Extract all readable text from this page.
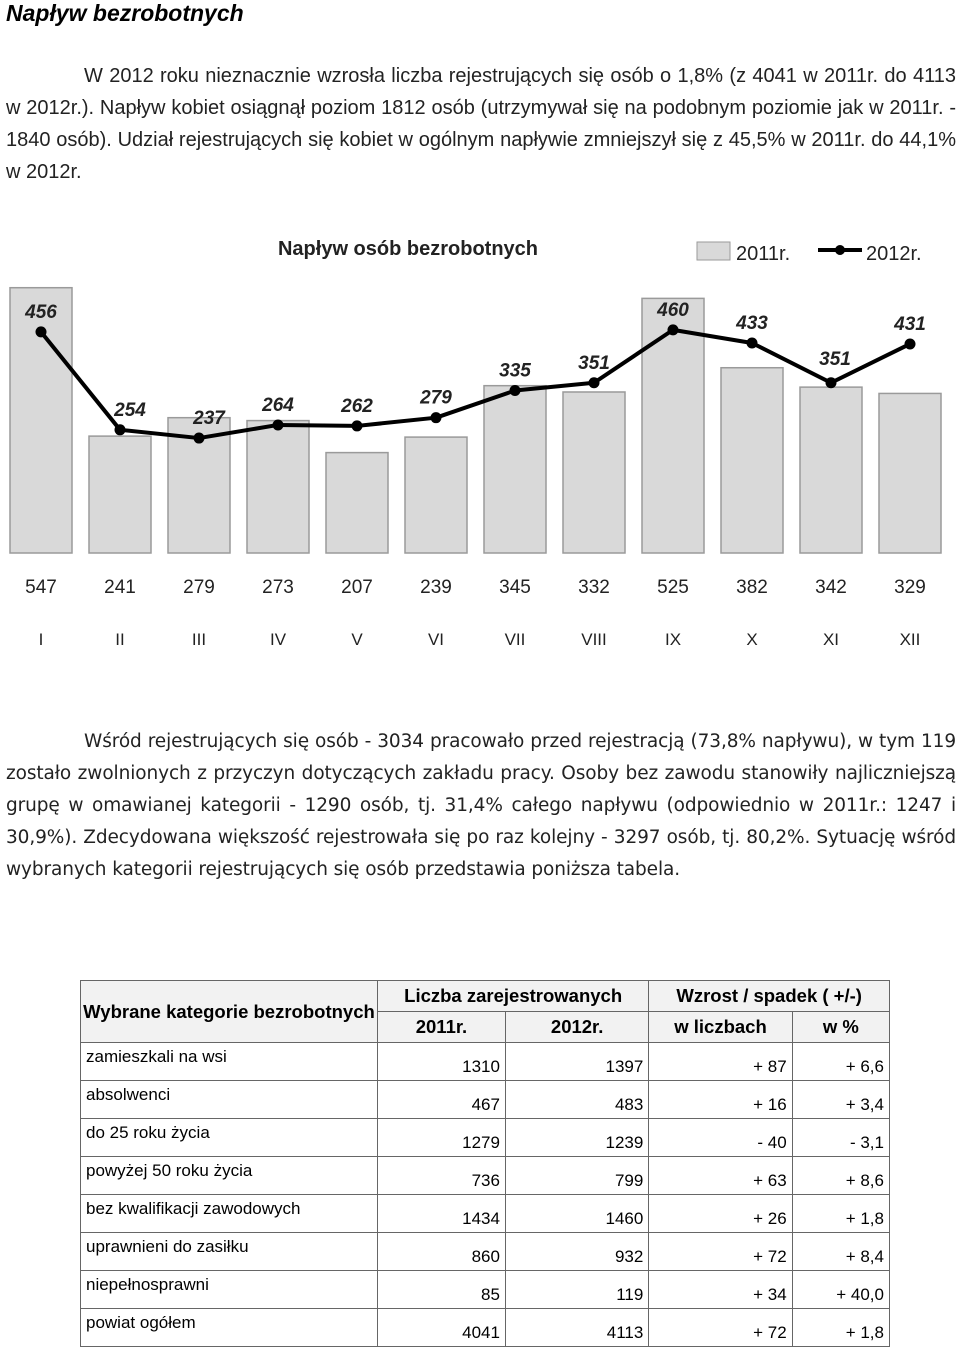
Napływ bezrobotnych

W 2012 roku nieznacznie wzrosła liczba rejestrujących się osób o 1,8% (z 4041 w 2011r. do 4113 w 2012r.). Napływ kobiet osiągnął poziom 1812 osób (utrzymywał się na podobnym poziomie jak w 2011r. - 1840 osób). Udział rejestrujących się kobiet w ogólnym napływie zmniejszył się z 45,5% w 2011r. do 44,1% w 2012r.

Napływ osób bezrobotnych	2011r.	2012r.
547 241 279 273 207 239 345 332 525 382 342 329
456
254 237
264 262 279
335 351
460
433
351
431
I	II	III	IV	V	VI	VII	VIII	IX	X	XI	XII

Wśród rejestrujących się osób - 3034 pracowało przed rejestracją (73,8% napływu), w tym 119 zostało zwolnionych z przyczyn dotyczących zakładu pracy. Osoby bez zawodu stanowiły najliczniejszą grupę w omawianej kategorii - 1290 osób, tj. 31,4% całego napływu (odpowiednio w 2011r.: 1247 i 30,9%). Zdecydowana większość rejestrowała się po raz kolejny - 3297 osób, tj. 80,2%. Sytuację wśród wybranych kategorii rejestrujących się osób przedstawia poniższa tabela.

Wybrane kategorie bezrobotnych	Liczba zarejestrowanych		Wzrost / spadek ( +/-)	
	2011r.	2012r.	w liczbach	w %
zamieszkali na wsi	1310	1397	+ 87	+ 6,6
absolwenci	467	483	+ 16	+ 3,4
do 25 roku życia	1279	1239	- 40	- 3,1
powyżej 50 roku życia	736	799	+ 63	+ 8,6
bez kwalifikacji zawodowych	1434	1460	+ 26	+ 1,8
uprawnieni do zasiłku	860	932	+ 72	+ 8,4
niepełnosprawni	85	119	+ 34	+ 40,0
powiat ogółem	4041	4113	+ 72	+ 1,8
